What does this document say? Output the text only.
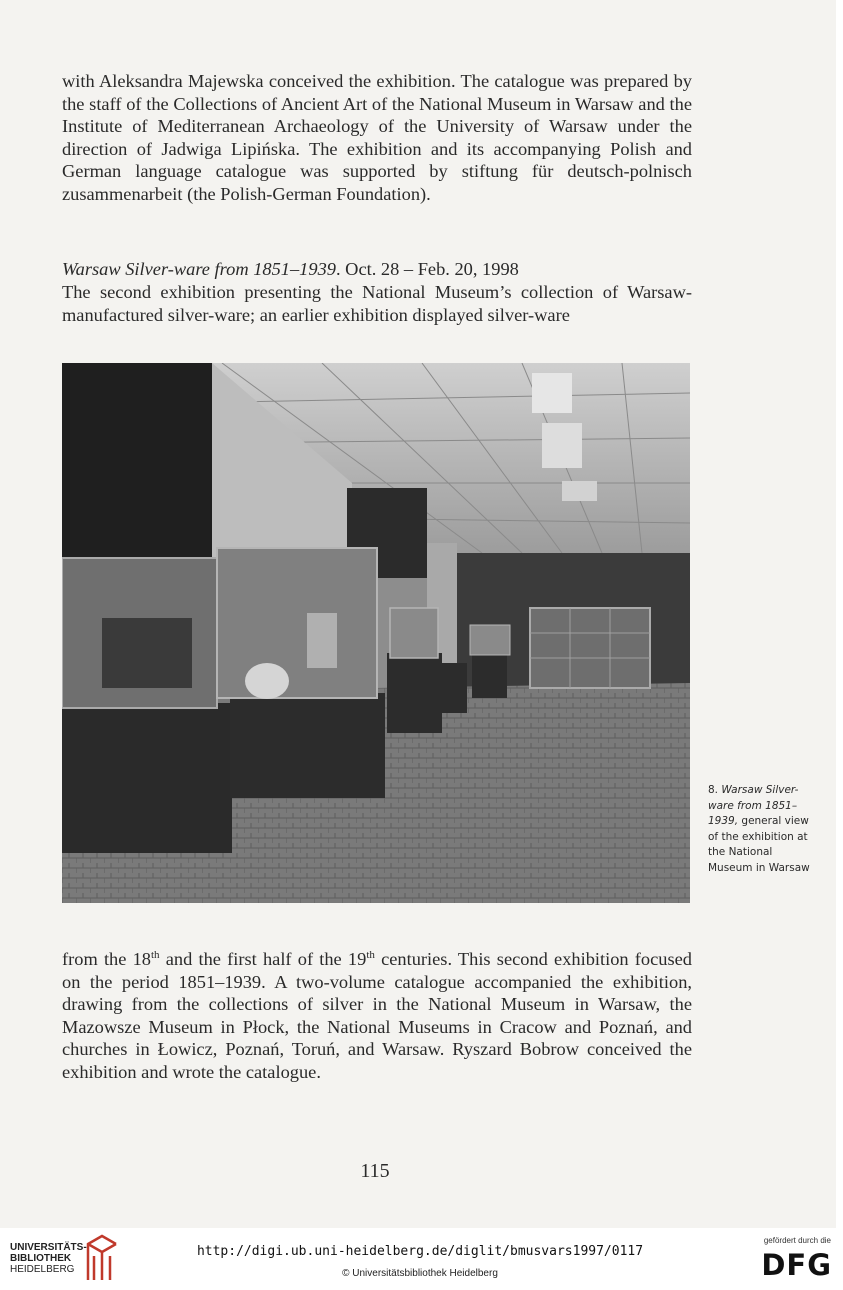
with Aleksandra Majewska conceived the exhibition. The catalogue was prepared by the staff of the Collections of Ancient Art of the National Museum in Warsaw and the Institute of Mediterranean Archaeology of the University of Warsaw under the direction of Jadwiga Lipińska. The exhibition and its accompanying Polish and German language catalogue was supported by stiftung für deutsch-polnisch zusammenarbeit (the Polish-German Foundation).

Warsaw Silver-ware from 1851–1939. Oct. 28 – Feb. 20, 1998

The second exhibition presenting the National Museum’s collection of Warsaw-manufactured silver-ware; an earlier exhibition displayed silver-ware

8. Warsaw Silver-ware from 1851–1939, general view of the exhibition at the National Museum in Warsaw

from the 18th and the first half of the 19th centuries. This second exhibition focused on the period 1851–1939. A two-volume catalogue accompanied the exhibition, drawing from the collections of silver in the National Museum in Warsaw, the Mazowsze Museum in Płock, the National Museums in Cracow and Poznań, and churches in Łowicz, Poznań, Toruń, and Warsaw. Ryszard Bobrow conceived the exhibition and wrote the catalogue.

115
UNIVERSITÄTS-
BIBLIOTHEK
HEIDELBERG
http://digi.ub.uni-heidelberg.de/diglit/bmusvars1997/0117
© Universitätsbibliothek Heidelberg
gefördert durch die
DFG
